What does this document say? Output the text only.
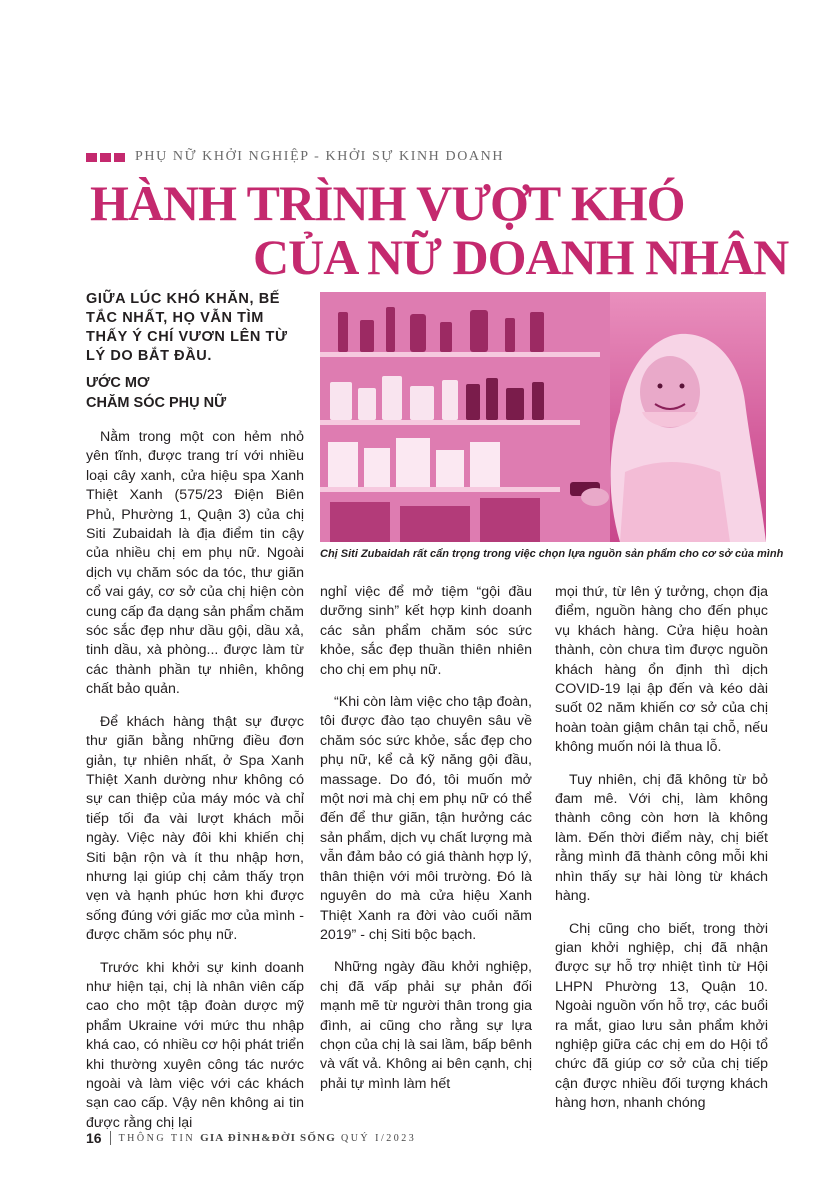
PHỤ NỮ KHỞI NGHIỆP - KHỞI SỰ KINH DOANH
HÀNH TRÌNH VƯỢT KHÓ
CỦA NỮ DOANH NHÂN
GIỮA LÚC KHÓ KHĂN, BẾ TẮC NHẤT, HỌ VẪN TÌM THẤY Ý CHÍ VƯƠN LÊN TỪ LÝ DO BẮT ĐẦU.
ƯỚC MƠ
CHĂM SÓC PHỤ NỮ
Chị Siti Zubaidah rất cẩn trọng trong việc chọn lựa nguồn sản phẩm cho cơ sở của mình

Nằm trong một con hẻm nhỏ yên tĩnh, được trang trí với nhiều loại cây xanh, cửa hiệu spa Xanh Thiệt Xanh (575/23 Điện Biên Phủ, Phường 1, Quận 3) của chị Siti Zubaidah là địa điểm tin cậy của nhiều chị em phụ nữ. Ngoài dịch vụ chăm sóc da tóc, thư giãn cổ vai gáy, cơ sở của chị hiện còn cung cấp đa dạng sản phẩm chăm sóc sắc đẹp như dầu gội, dầu xả, tinh dầu, xà phòng... được làm từ các thành phần tự nhiên, không chất bảo quản.

Để khách hàng thật sự được thư giãn bằng những điều đơn giản, tự nhiên nhất, ở Spa Xanh Thiệt Xanh dường như không có sự can thiệp của máy móc và chỉ tiếp tối đa vài lượt khách mỗi ngày. Việc này đôi khi khiến chị Siti bận rộn và ít thu nhập hơn, nhưng lại giúp chị cảm thấy trọn vẹn và hạnh phúc hơn khi được sống đúng với giấc mơ của mình - được chăm sóc phụ nữ.

Trước khi khởi sự kinh doanh như hiện tại, chị là nhân viên cấp cao cho một tập đoàn dược mỹ phẩm Ukraine với mức thu nhập khá cao, có nhiều cơ hội phát triển khi thường xuyên công tác nước ngoài và làm việc với các khách sạn cao cấp. Vậy nên không ai tin được rằng chị lại

nghỉ việc để mở tiệm “gội đầu dưỡng sinh” kết hợp kinh doanh các sản phẩm chăm sóc sức khỏe, sắc đẹp thuần thiên nhiên cho chị em phụ nữ.

“Khi còn làm việc cho tập đoàn, tôi được đào tạo chuyên sâu về chăm sóc sức khỏe, sắc đẹp cho phụ nữ, kể cả kỹ năng gội đầu, massage. Do đó, tôi muốn mở một nơi mà chị em phụ nữ có thể đến để thư giãn, tận hưởng các sản phẩm, dịch vụ chất lượng mà vẫn đảm bảo có giá thành hợp lý, thân thiện với môi trường. Đó là nguyên do mà cửa hiệu Xanh Thiệt Xanh ra đời vào cuối năm 2019” - chị Siti bộc bạch.

Những ngày đầu khởi nghiệp, chị đã vấp phải sự phản đối mạnh mẽ từ người thân trong gia đình, ai cũng cho rằng sự lựa chọn của chị là sai lầm, bấp bênh và vất vả. Không ai bên cạnh, chị phải tự mình làm hết

mọi thứ, từ lên ý tưởng, chọn địa điểm, nguồn hàng cho đến phục vụ khách hàng. Cửa hiệu hoàn thành, còn chưa tìm được nguồn khách hàng ổn định thì dịch COVID-19 lại ập đến và kéo dài suốt 02 năm khiến cơ sở của chị hoàn toàn giậm chân tại chỗ, nếu không muốn nói là thua lỗ.

Tuy nhiên, chị đã không từ bỏ đam mê. Với chị, làm không thành công còn hơn là không làm. Đến thời điểm này, chị biết rằng mình đã thành công mỗi khi nhìn thấy sự hài lòng từ khách hàng.

Chị cũng cho biết, trong thời gian khởi nghiệp, chị đã nhận được sự hỗ trợ nhiệt tình từ Hội LHPN Phường 13, Quận 10. Ngoài nguồn vốn hỗ trợ, các buổi ra mắt, giao lưu sản phẩm khởi nghiệp giữa các chị em do Hội tổ chức đã giúp cơ sở của chị tiếp cận được nhiều đối tượng khách hàng hơn, nhanh chóng

16 THÔNG TIN GIA ĐÌNH&ĐỜI SỐNG QUÝ I/2023
